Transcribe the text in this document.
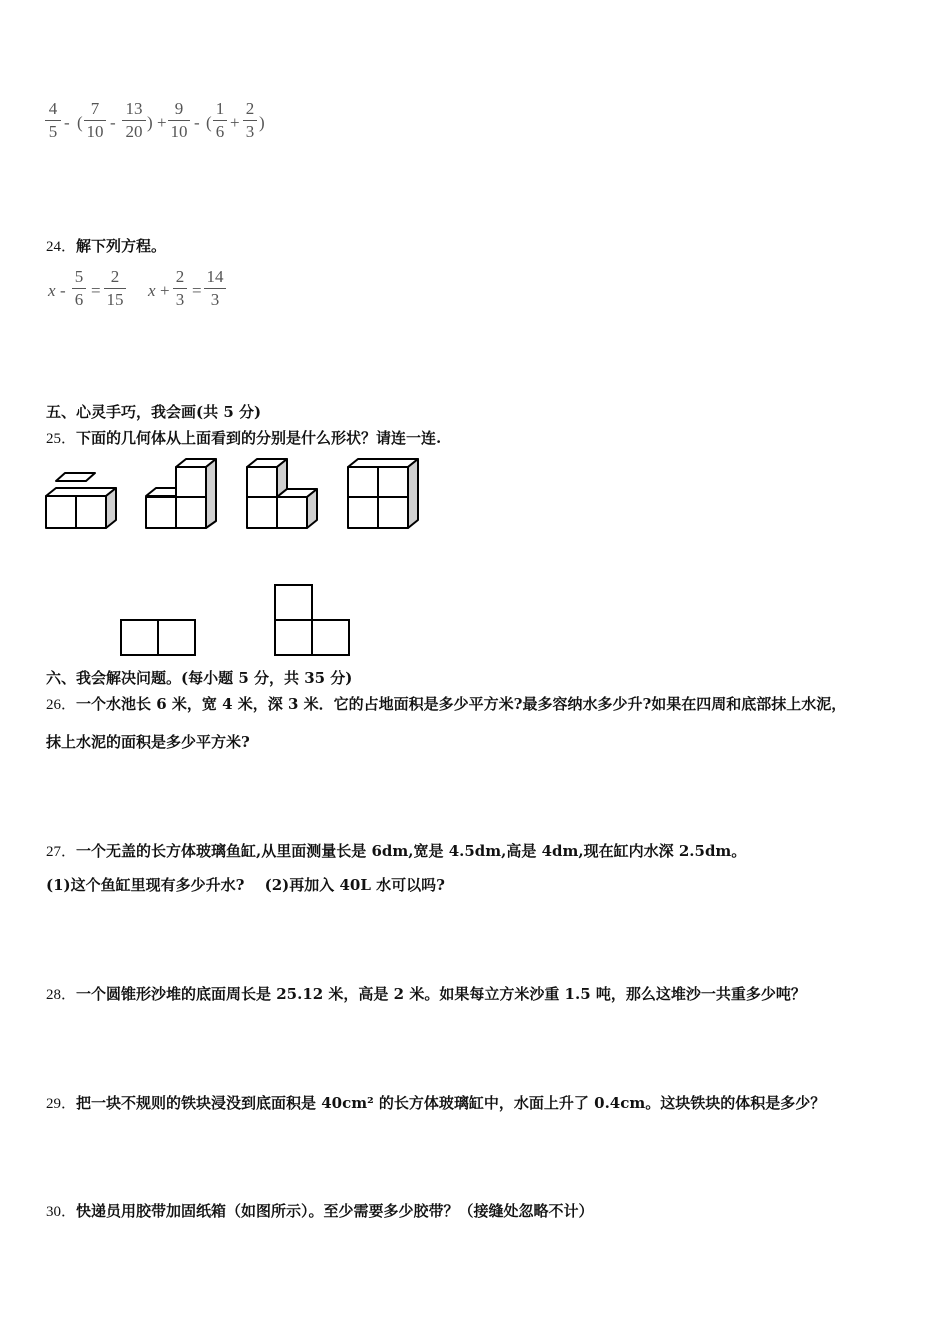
4
5 - (
7
10 -
13
20 ) +
9
10 - (
1
6 +
2
3 )
24．解下列方程。
x -
5
6 =
2
15 x +
2
3 =
14
3
五、心灵手巧，我会画(共 5 分)
25．下面的几何体从上面看到的分别是什么形状？请连一连.
六、我会解决问题。(每小题 5 分，共 35 分)
26．一个水池长 6 米，宽 4 米，深 3 米．它的占地面积是多少平方米?最多容纳水多少升?如果在四周和底部抹上水泥，
抹上水泥的面积是多少平方米?
27．一个无盖的长方体玻璃鱼缸,从里面测量长是 6dm,宽是 4.5dm,高是 4dm,现在缸内水深 2.5dm。
(1)这个鱼缸里现有多少升水?　 (2)再加入 40L 水可以吗?
28．一个圆锥形沙堆的底面周长是 25.12 米，高是 2 米。如果每立方米沙重 1.5 吨，那么这堆沙一共重多少吨？
29．把一块不规则的铁块浸没到底面积是 40cm² 的长方体玻璃缸中，水面上升了 0.4cm。这块铁块的体积是多少？
30．快递员用胶带加固纸箱（如图所示）。至少需要多少胶带？（接缝处忽略不计）
